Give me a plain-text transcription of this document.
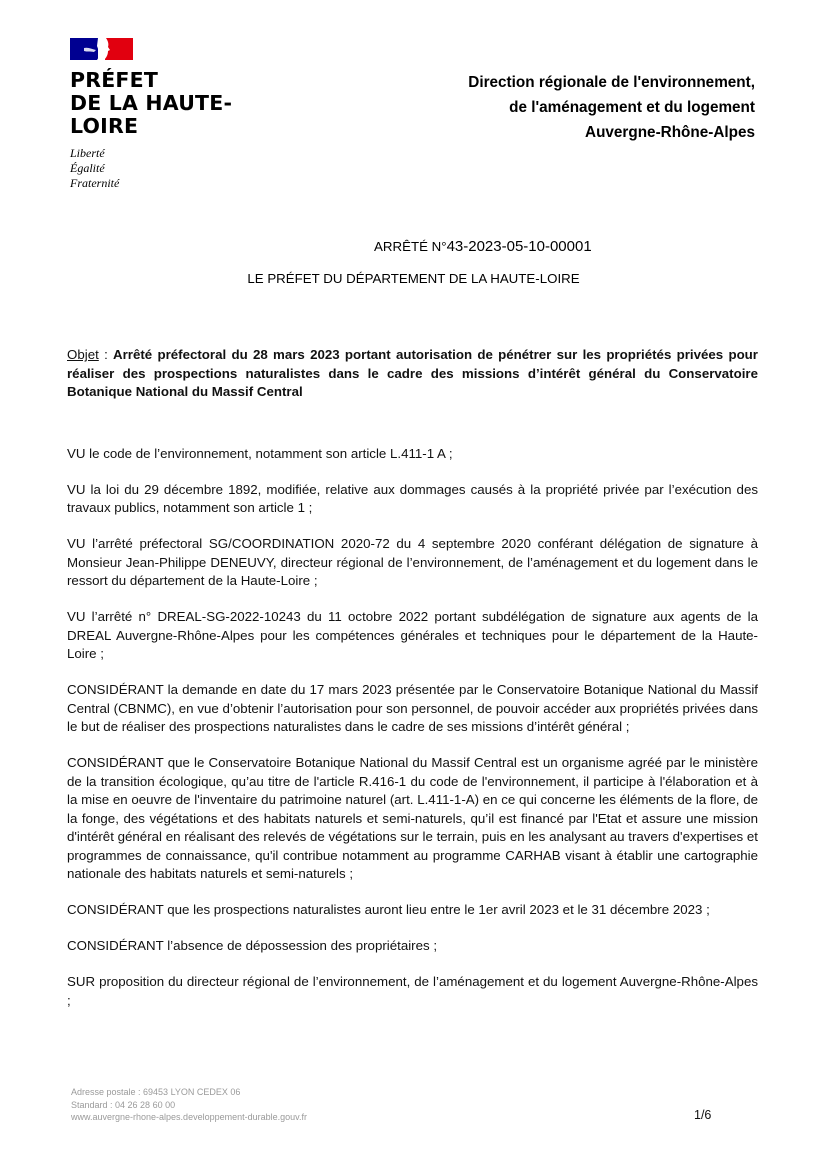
PRÉFET
DE LA HAUTE-
LOIRE
Liberté
Égalité
Fraternité
Direction régionale de l'environnement,
de l'aménagement et du logement
Auvergne-Rhône-Alpes
ARRÊTÉ N°43-2023-05-10-00001
LE PRÉFET DU DÉPARTEMENT DE LA HAUTE-LOIRE

Objet : Arrêté préfectoral du 28 mars 2023 portant autorisation de pénétrer sur les propriétés privées pour réaliser des prospections naturalistes dans le cadre des missions d’intérêt général du Conservatoire Botanique National du Massif Central

VU le code de l’environnement, notamment son article L.411-1 A ;

VU la loi du 29 décembre 1892, modifiée, relative aux dommages causés à la propriété privée par l’exécution des travaux publics, notamment son article 1 ;

VU l’arrêté préfectoral SG/COORDINATION 2020-72 du 4 septembre 2020 conférant délégation de signature à Monsieur Jean-Philippe DENEUVY, directeur régional de l’environnement, de l’aménagement et du logement dans le ressort du département de la Haute-Loire ;

VU l’arrêté n° DREAL-SG-2022-10243 du 11 octobre 2022 portant subdélégation de signature aux agents de la DREAL Auvergne-Rhône-Alpes pour les compétences générales et techniques pour le département de la Haute-Loire ;

CONSIDÉRANT la demande en date du 17 mars 2023 présentée par le Conservatoire Botanique National du Massif Central (CBNMC), en vue d’obtenir l’autorisation pour son personnel, de pouvoir accéder aux propriétés privées dans le but de réaliser des prospections naturalistes dans le cadre de ses missions d’intérêt général ;

CONSIDÉRANT que le Conservatoire Botanique National du Massif Central est un organisme agréé par le ministère de la transition écologique, qu’au titre de l'article R.416-1 du code de l'environnement, il participe à l'élaboration et à la mise en oeuvre de l'inventaire du patrimoine naturel (art. L.411-1-A) en ce qui concerne les éléments de la flore, de la fonge, des végétations et des habitats naturels et semi-naturels, qu’il est financé par l'Etat et assure une mission d'intérêt général en réalisant des relevés de végétations sur le terrain, puis en les analysant au travers d'expertises et programmes de connaissance, qu'il contribue notamment au programme CARHAB visant à établir une cartographie nationale des habitats naturels et semi-naturels ;

CONSIDÉRANT que les prospections naturalistes auront lieu entre le 1er avril 2023 et le 31 décembre 2023 ;

CONSIDÉRANT l’absence de dépossession des propriétaires ;

SUR proposition du directeur régional de l’environnement, de l’aménagement et du logement Auvergne-Rhône-Alpes ;

Adresse postale : 69453 LYON CEDEX 06
Standard : 04 26 28 60 00
www.auvergne-rhone-alpes.developpement-durable.gouv.fr	1/6
